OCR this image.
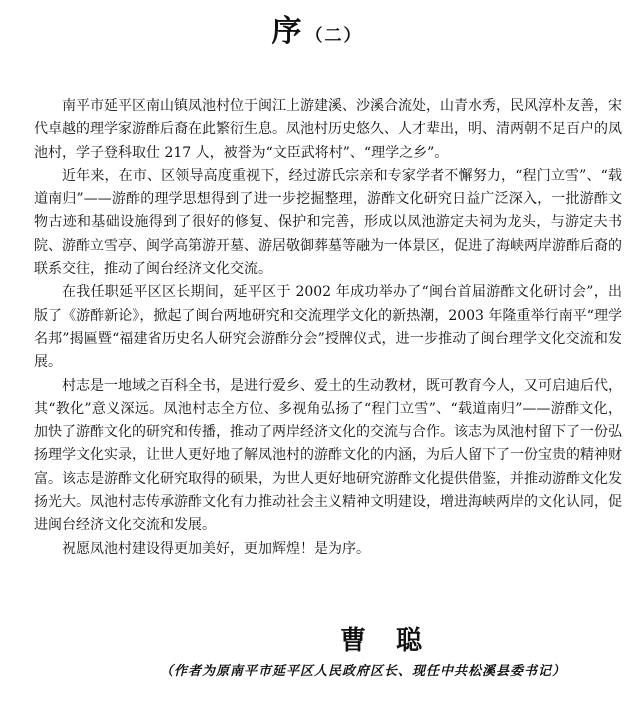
序 （二）

南平市延平区南山镇凤池村位于闽江上游建溪、沙溪合流处，山青水秀，民风淳朴友善，宋代卓越的理学家游酢后裔在此繁衍生息。凤池村历史悠久、人才辈出，明、清两朝不足百户的凤池村，学子登科取仕 217 人，被誉为“文臣武将村”、“理学之乡”。

近年来，在市、区领导高度重视下，经过游氏宗亲和专家学者不懈努力，“程门立雪”、“载道南归”——游酢的理学思想得到了进一步挖掘整理，游酢文化研究日益广泛深入，一批游酢文物古迹和基础设施得到了很好的修复、保护和完善，形成以凤池游定夫祠为龙头，与游定夫书院、游酢立雪亭、闽学高第游开墓、游居敬御葬墓等融为一体景区，促进了海峡两岸游酢后裔的联系交往，推动了闽台经济文化交流。

在我任职延平区区长期间，延平区于 2002 年成功举办了“闽台首届游酢文化研讨会”，出版了《游酢新论》，掀起了闽台两地研究和交流理学文化的新热潮，2003 年隆重举行南平“理学名邦”揭匾暨“福建省历史名人研究会游酢分会”授牌仪式，进一步推动了闽台理学文化交流和发展。

村志是一地域之百科全书，是进行爱乡、爱土的生动教材，既可教育今人，又可启迪后代，其“教化”意义深远。凤池村志全方位、多视角弘扬了“程门立雪”、“载道南归”——游酢文化，加快了游酢文化的研究和传播，推动了两岸经济文化的交流与合作。该志为凤池村留下了一份弘扬理学文化实录，让世人更好地了解凤池村的游酢文化的内涵，为后人留下了一份宝贵的精神财富。该志是游酢文化研究取得的硕果，为世人更好地研究游酢文化提供借鉴，并推动游酢文化发扬光大。凤池村志传承游酢文化有力推动社会主义精神文明建设，增进海峡两岸的文化认同，促进闽台经济文化交流和发展。

祝愿凤池村建设得更加美好，更加辉煌！是为序。

曹聪
（作者为原南平市延平区人民政府区长、现任中共松溪县委书记）
